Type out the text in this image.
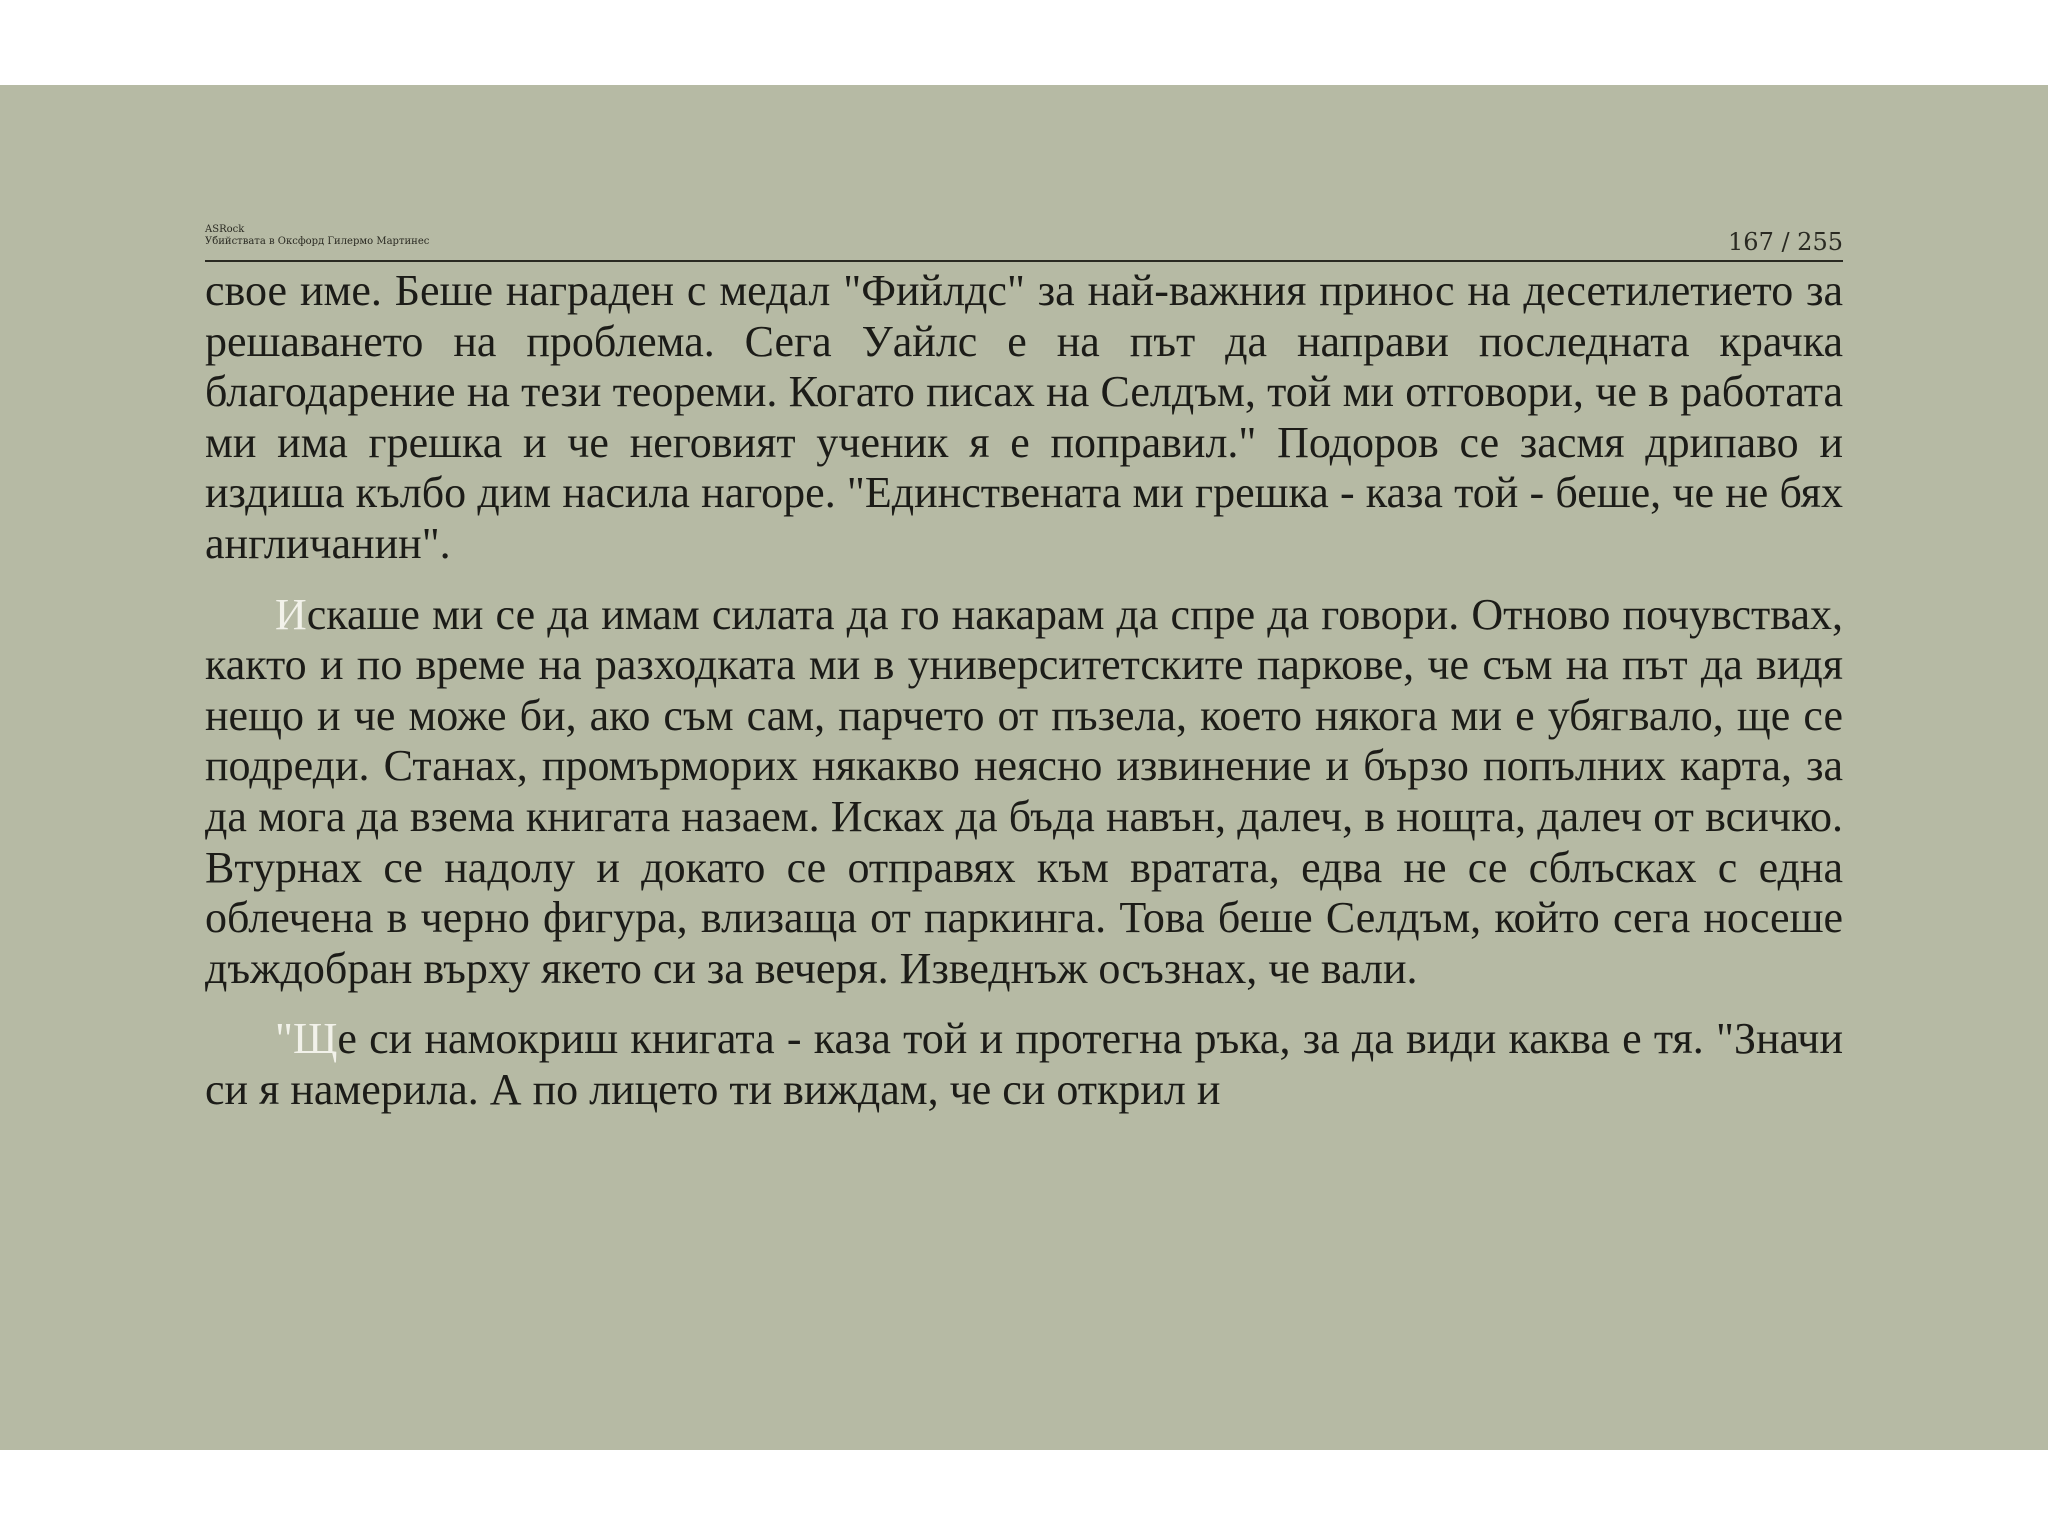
ASRock
Убийствата в Оксфорд Гилермо Мартинес	167 / 255

свое име. Беше награден с медал "Фийлдс" за най-важния принос на десетилетието за решаването на проблема. Сега Уайлс е на път да направи последната крачка благодарение на тези теореми. Когато писах на Селдъм, той ми отговори, че в работата ми има грешка и че неговият ученик я е поправил." Подоров се засмя дрипаво и издиша кълбо дим насила нагоре. "Единствената ми грешка - каза той - беше, че не бях англичанин".

Искаше ми се да имам силата да го накарам да спре да говори. Отново почувствах, както и по време на разходката ми в университетските паркове, че съм на път да видя нещо и че може би, ако съм сам, парчето от пъзела, което някога ми е убягвало, ще се подреди. Станах, промърморих някакво неясно извинение и бързо попълних карта, за да мога да взема книгата назаем. Исках да бъда навън, далеч, в нощта, далеч от всичко. Втурнах се надолу и докато се отправях към вратата, едва не се сблъсках с една облечена в черно фигура, влизаща от паркинга. Това беше Селдъм, който сега носеше дъждобран върху якето си за вечеря. Изведнъж осъзнах, че вали.

"Ще си намокриш книгата - каза той и протегна ръка, за да види каква е тя. "Значи си я намерила. А по лицето ти виждам, че си открил и
